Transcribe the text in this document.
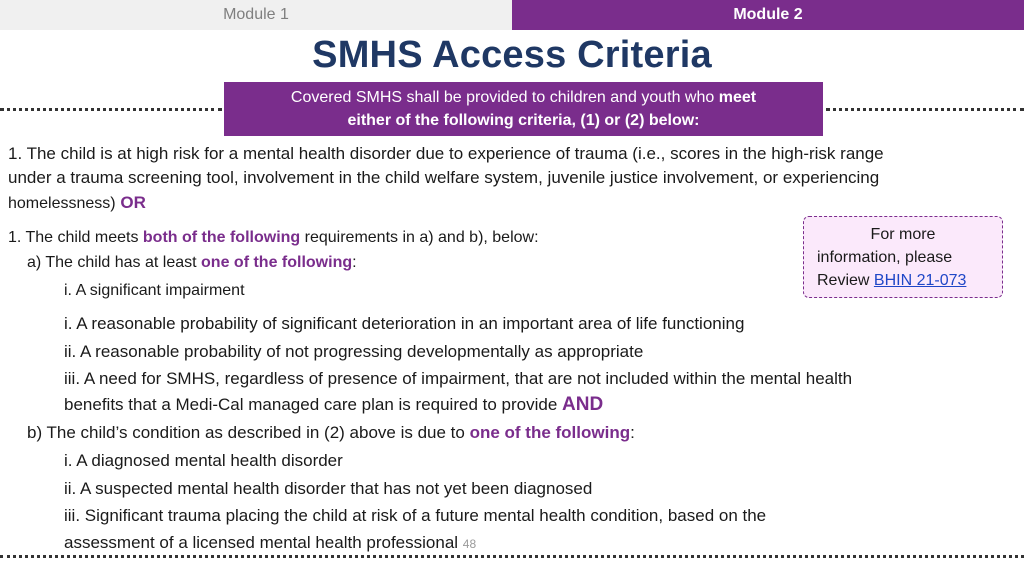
Module 1	Module 2
SMHS Access Criteria
Covered SMHS shall be provided to children and youth who meet
either of the following criteria, (1) or (2) below:
1. The child is at high risk for a mental health disorder due to experience of trauma (i.e., scores in the high-risk range
under a trauma screening tool, involvement in the child welfare system, juvenile justice involvement, or experiencing
homelessness) OR
1. The child meets both of the following requirements in a) and b), below:
a) The child has at least one of the following:
i. A significant impairment
i. A reasonable probability of significant deterioration in an important area of life functioning
ii. A reasonable probability of not progressing developmentally as appropriate
iii. A need for SMHS, regardless of presence of impairment, that are not included within the mental health
benefits that a Medi-Cal managed care plan is required to provide AND
b) The child’s condition as described in (2) above is due to one of the following:
i. A diagnosed mental health disorder
ii. A suspected mental health disorder that has not yet been diagnosed
iii. Significant trauma placing the child at risk of a future mental health condition, based on the
assessment of a licensed mental health professional 48
For more
information, please
Review BHIN 21-073
